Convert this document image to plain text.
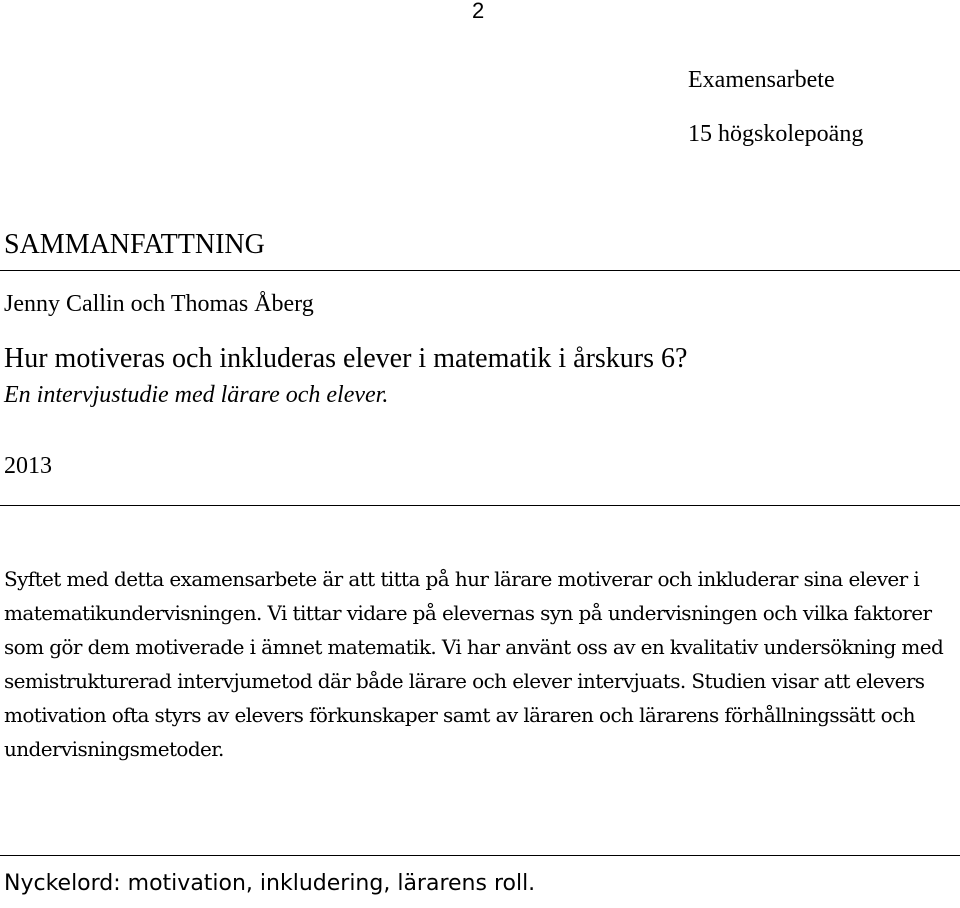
2
Examensarbete
15 högskolepoäng
SAMMANFATTNING
Jenny Callin och Thomas Åberg
Hur motiveras och inkluderas elever i matematik i årskurs 6?
En intervjustudie med lärare och elever.
2013

Syftet med detta examensarbete är att titta på hur lärare motiverar och inkluderar sina elever i matematikundervisningen. Vi tittar vidare på elevernas syn på undervisningen och vilka faktorer som gör dem motiverade i ämnet matematik. Vi har använt oss av en kvalitativ undersökning med semistrukturerad intervjumetod där både lärare och elever intervjuats. Studien visar att elevers motivation ofta styrs av elevers förkunskaper samt av läraren och lärarens förhållningssätt och undervisningsmetoder.

Nyckelord: motivation, inkludering, lärarens roll.
